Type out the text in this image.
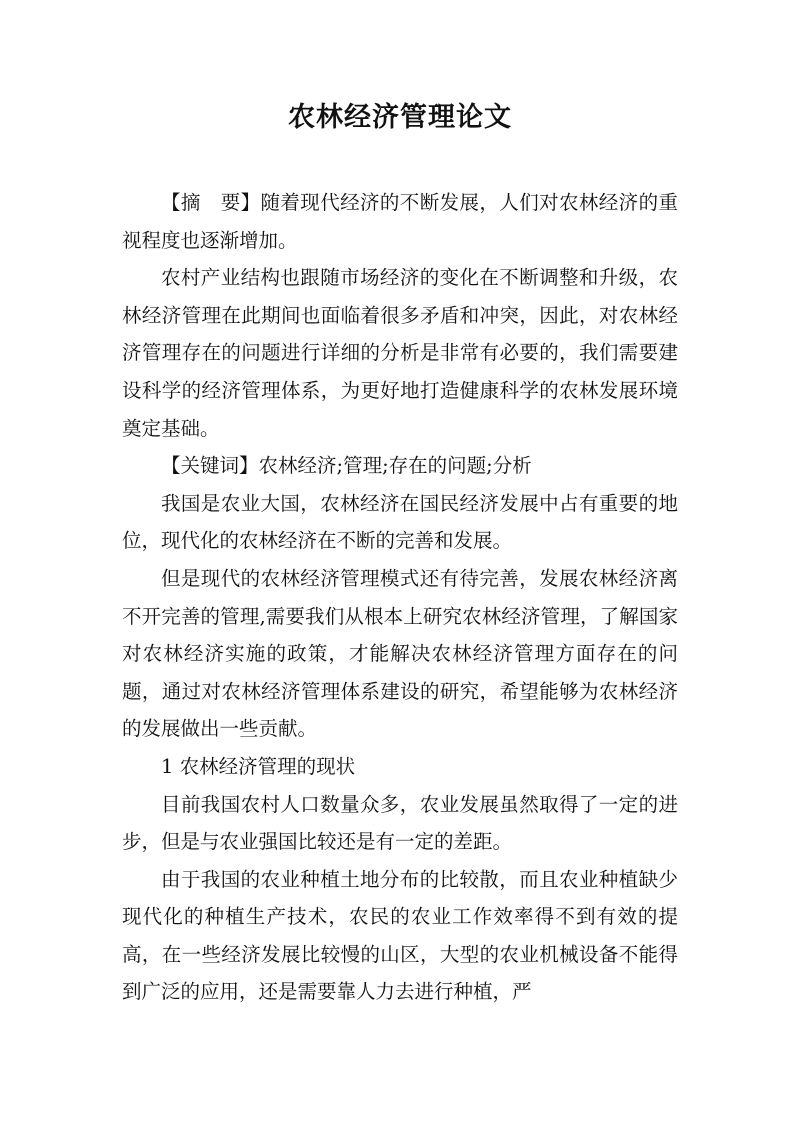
农林经济管理论文

【摘　要】随着现代经济的不断发展，人们对农林经济的重视程度也逐渐增加。

农村产业结构也跟随市场经济的变化在不断调整和升级，农林经济管理在此期间也面临着很多矛盾和冲突，因此，对农林经济管理存在的问题进行详细的分析是非常有必要的，我们需要建设科学的经济管理体系，为更好地打造健康科学的农林发展环境奠定基础。

【关键词】农林经济;管理;存在的问题;分析

我国是农业大国，农林经济在国民经济发展中占有重要的地位，现代化的农林经济在不断的完善和发展。

但是现代的农林经济管理模式还有待完善，发展农林经济离不开完善的管理,需要我们从根本上研究农林经济管理，了解国家对农林经济实施的政策，才能解决农林经济管理方面存在的问题，通过对农林经济管理体系建设的研究，希望能够为农林经济的发展做出一些贡献。

1 农林经济管理的现状

目前我国农村人口数量众多，农业发展虽然取得了一定的进步，但是与农业强国比较还是有一定的差距。

由于我国的农业种植土地分布的比较散，而且农业种植缺少现代化的种植生产技术，农民的农业工作效率得不到有效的提高，在一些经济发展比较慢的山区，大型的农业机械设备不能得到广泛的应用，还是需要靠人力去进行种植，严
